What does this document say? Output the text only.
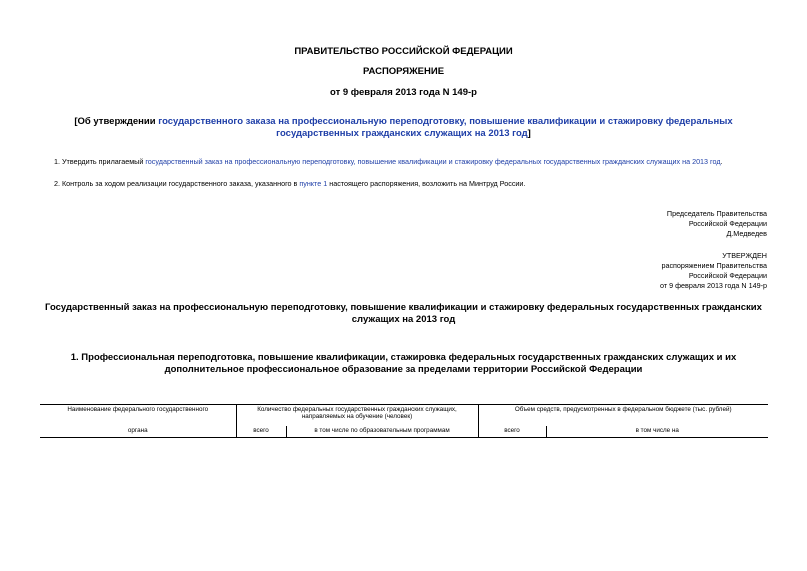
ПРАВИТЕЛЬСТВО РОССИЙСКОЙ ФЕДЕРАЦИИ
РАСПОРЯЖЕНИЕ
от 9 февраля 2013 года N 149-р
[Об утверждении государственного заказа на профессиональную переподготовку, повышение квалификации и стажировку федеральных государственных гражданских служащих на 2013 год]
1. Утвердить прилагаемый государственный заказ на профессиональную переподготовку, повышение квалификации и стажировку федеральных государственных гражданских служащих на 2013 год.
2. Контроль за ходом реализации государственного заказа, указанного в пункте 1 настоящего распоряжения, возложить на Минтруд России.
Председатель Правительства
Российской Федерации
Д.Медведев
УТВЕРЖДЕН
распоряжением Правительства
Российской Федерации
от 9 февраля 2013 года N 149-р
Государственный заказ на профессиональную переподготовку, повышение квалификации и стажировку федеральных государственных гражданских служащих на 2013 год
1. Профессиональная переподготовка, повышение квалификации, стажировка федеральных государственных гражданских служащих и их дополнительное профессиональное образование за пределами территории Российской Федерации
Наименование федерального государственного	Количество федеральных государственных гражданских служащих, направляемых на обучение (человек)		Объем средств, предусмотренных в федеральном бюджете (тыс. рублей)	
органа	всего	в том числе по образовательным программам	всего	в том числе на
